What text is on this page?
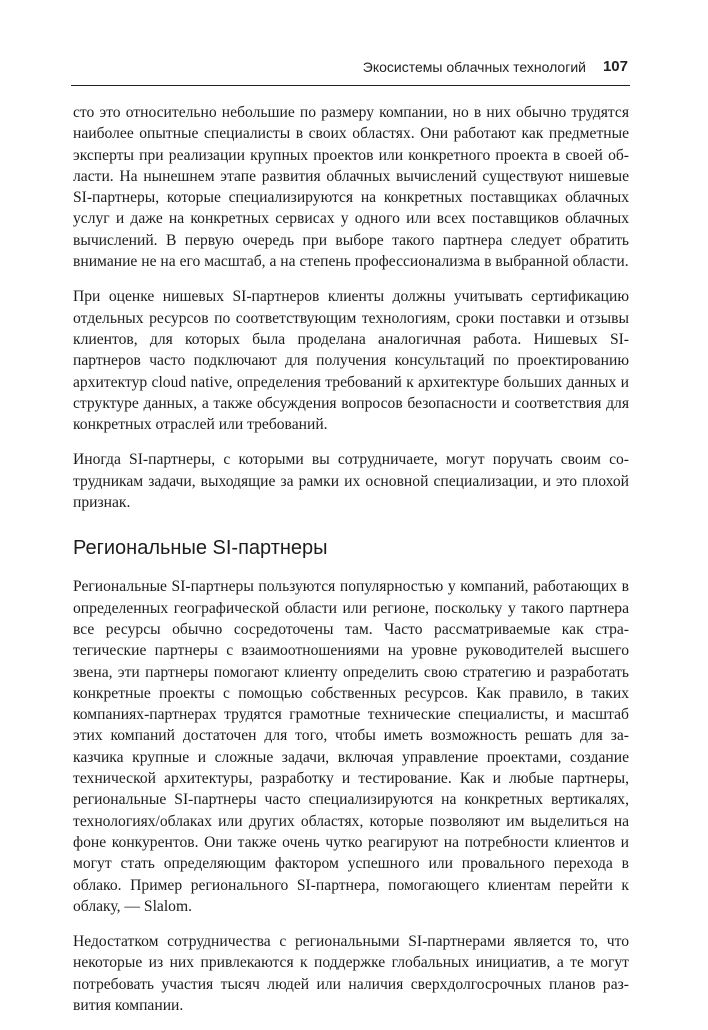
Экосистемы облачных технологий 107

сто это относительно небольшие по размеру компании, но в них обычно трудятся наиболее опытные специалисты в своих областях. Они работают как предметные эксперты при реализации крупных проектов или конкретного проекта в своей области. На нынешнем этапе развития облачных вычислений существуют нишевые SI-партнеры, которые специализируются на конкретных поставщиках облачных услуг и даже на конкретных сервисах у одного или всех поставщиков облачных вычислений. В первую очередь при выборе такого партнера следует обратить внимание не на его масштаб, а на степень профессионализма в выбранной области.

При оценке нишевых SI-партнеров клиенты должны учитывать сертификацию отдельных ресурсов по соответствующим технологиям, сроки поставки и отзывы клиентов, для которых была проделана аналогичная работа. Нишевых SI-партнеров часто подключают для получения консультаций по проектированию архитектур cloud native, определения требований к архитектуре больших данных и структуре данных, а также обсуждения вопросов безопасности и соответствия для конкретных отраслей или требований.

Иногда SI-партнеры, с которыми вы сотрудничаете, могут поручать своим сотрудникам задачи, выходящие за рамки их основной специализации, и это плохой признак.

Региональные SI-партнеры

Региональные SI-партнеры пользуются популярностью у компаний, работающих в определенных географической области или регионе, поскольку у такого партнера все ресурсы обычно сосредоточены там. Часто рассматриваемые как стратегические партнеры с взаимоотношениями на уровне руководителей высшего звена, эти партнеры помогают клиенту определить свою стратегию и разработать конкретные проекты с помощью собственных ресурсов. Как правило, в таких компаниях-партнерах трудятся грамотные технические специалисты, и масштаб этих компаний достаточен для того, чтобы иметь возможность решать для заказчика крупные и сложные задачи, включая управление проектами, создание технической архитектуры, разработку и тестирование. Как и любые партнеры, региональные SI-партнеры часто специализируются на конкретных вертикалях, технологиях/облаках или других областях, которые позволяют им выделиться на фоне конкурентов. Они также очень чутко реагируют на потребности клиентов и могут стать определяющим фактором успешного или провального перехода в облако. Пример регионального SI-партнера, помогающего клиентам перейти к облаку, — Slalom.

Недостатком сотрудничества с региональными SI-партнерами является то, что некоторые из них привлекаются к поддержке глобальных инициатив, а те могут потребовать участия тысяч людей или наличия сверхдолгосрочных планов развития компании.
